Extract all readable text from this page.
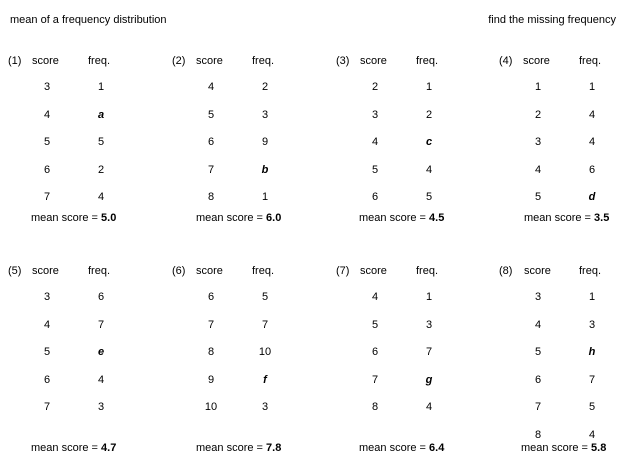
mean of a frequency distribution	find the missing frequency
(1) score	freq.
3	1
4	a
5	5
6	2
7	4
mean score = 5.0
(2) score	freq.
4	2
5	3
6	9
7	b
8	1
mean score = 6.0
(3) score	freq.
2	1
3	2
4	c
5	4
6	5
mean score = 4.5
(4) score	freq.
1	1
2	4
3	4
4	6
5	d
mean score = 3.5
(5) score	freq.
3	6
4	7
5	e
6	4
7	3
mean score = 4.7
(6) score	freq.
6	5
7	7
8	10
9	f
10	3
mean score = 7.8
(7) score	freq.
4	1
5	3
6	7
7	g
8	4
mean score = 6.4
(8) score	freq.
3	1
4	3
5	h
6	7
7	5
8	4
mean score = 5.8
